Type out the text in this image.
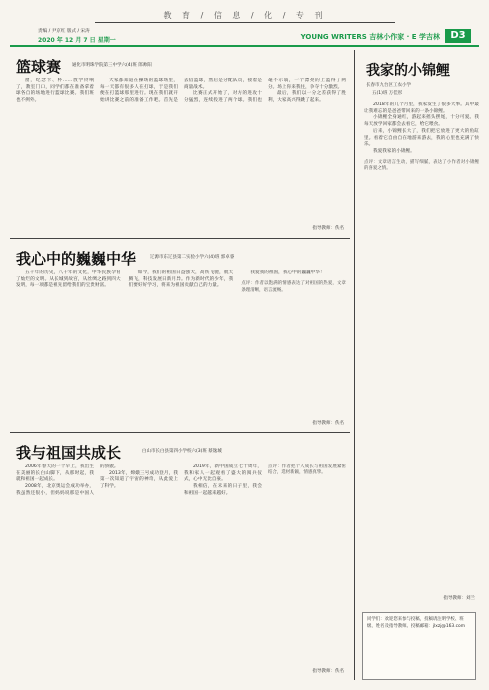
教 育 / 信 息 / 化 / 专 刊
责编 / 尹京红 版式 / 宋涛
2020 年 12 月 7 日 星期一	YOUNG WRITERS 吉林小作家 · E 学吉林	D3
篮球赛 通化市明珠学院第三中学六(4)班 郎帅阳

窗，纪念卡、杯……放学铃响了，教室门口，同学们都在准备拿着球各自的场地进行篮球比赛。我们班也不例外。

大家都知道在操场的篮球场里，每一天都有很多人在打球，于是我们便在打篮球那里进行。现在我们就开始讲比赛之前的准备工作吧。首先是去借篮球，然后是分配队员，接着是商量战术。

比赛正式开始了，对方的进攻十分猛烈，连续投进了两个球。我们也毫不示弱，一个漂亮的上篮得了两分。场上你来我往，争夺十分激烈。

最后，我们以一分之差获得了胜利，大家高兴得跳了起来。

指导教师：佚名
我心中的巍巍中华	辽源市东辽县第二实验小学六(4)班 郭卓睿

五千年的历史，八千年的文化，中华民族孕育了灿烂的文明。从长城到故宫，从丝绸之路到四大发明，每一项都是祖先留给我们的宝贵财富。

如今，我们的祖国日益强大，高铁飞驰，航天腾飞，科技发展日新月异。作为新时代的少年，我们要好好学习，将来为祖国贡献自己的力量。

我爱我的祖国，我心中的巍巍中华！

点评：作者以饱满的情感表达了对祖国的热爱，文章条理清晰，语言流畅。

指导教师：佚名
我与祖国共成长	白山市长白县第四小学校六(3)班 蔡逸城

2006年春天的一个早上，我出生在美丽的长白山脚下，从那时起，我就和祖国一起成长。

2008年，北京奥运会成功举办，我虽然还很小，但妈妈说那是中国人的骄傲。

2013年，嫦娥三号成功登月，我第一次知道了宇宙的神奇，从此爱上了科学。

2019年，新中国成立七十周年，我和家人一起观看了盛大的阅兵仪式，心中无比自豪。

我相信，在未来的日子里，我会和祖国一起越来越好。

点评：作者把个人成长与祖国发展紧密结合，选材新颖，情感真挚。

指导教师：佚名
我家的小锦鲤
长春市九台区工农小学
五(1)班 万佳彤

2018年的几个月里，我家发生了很多大事。其中最让我难忘的是爸爸带回来的一条小锦鲤。

小锦鲤全身通红，游起来摇头摆尾，十分可爱。我每天放学回家都会去看它，给它喂食。

后来，小锦鲤长大了，我们把它放进了更大的鱼缸里。看着它自由自在地游来游去，我的心里也充满了快乐。

我爱我家的小锦鲤。

点评：文章语言生动，描写细腻，表达了小作者对小锦鲤的喜爱之情。

指导教师：刘兰
同学们：欢迎您来参与投稿，投稿请注明学校、班级、姓名及指导教师。投稿邮箱：jlxzj@163.com
